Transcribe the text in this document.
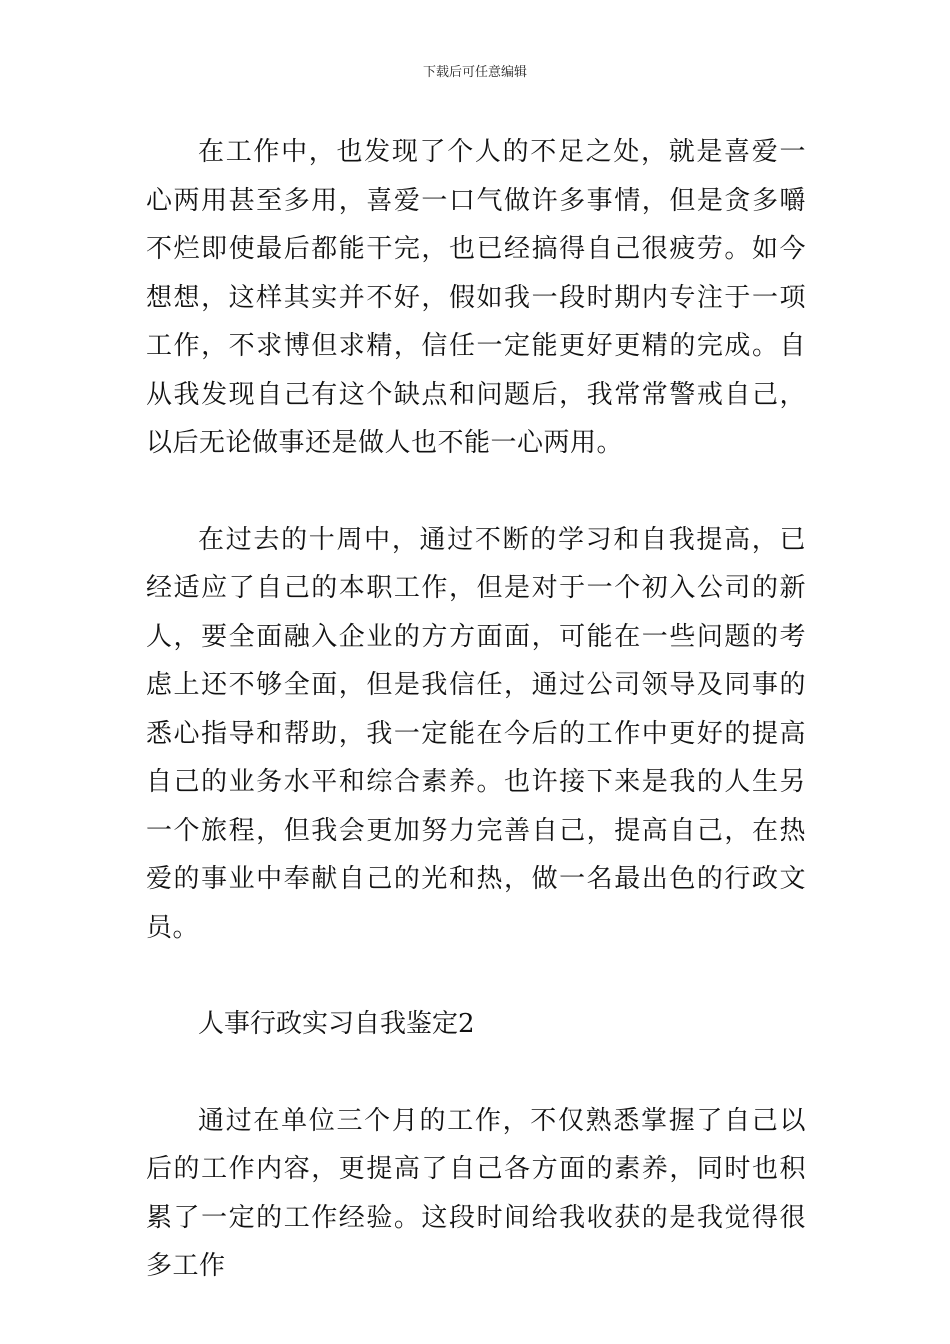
下载后可任意编辑

在工作中，也发现了个人的不足之处，就是喜爱一心两用甚至多用，喜爱一口气做许多事情，但是贪多嚼不烂即使最后都能干完，也已经搞得自己很疲劳。如今想想，这样其实并不好，假如我一段时期内专注于一项工作，不求博但求精，信任一定能更好更精的完成。自从我发现自己有这个缺点和问题后，我常常警戒自己，以后无论做事还是做人也不能一心两用。

在过去的十周中，通过不断的学习和自我提高，已经适应了自己的本职工作，但是对于一个初入公司的新人，要全面融入企业的方方面面，可能在一些问题的考虑上还不够全面，但是我信任，通过公司领导及同事的悉心指导和帮助，我一定能在今后的工作中更好的提高自己的业务水平和综合素养。也许接下来是我的人生另一个旅程，但我会更加努力完善自己，提高自己，在热爱的事业中奉献自己的光和热，做一名最出色的行政文员。

人事行政实习自我鉴定2

通过在单位三个月的工作，不仅熟悉掌握了自己以后的工作内容，更提高了自己各方面的素养，同时也积累了一定的工作经验。这段时间给我收获的是我觉得很多工作
